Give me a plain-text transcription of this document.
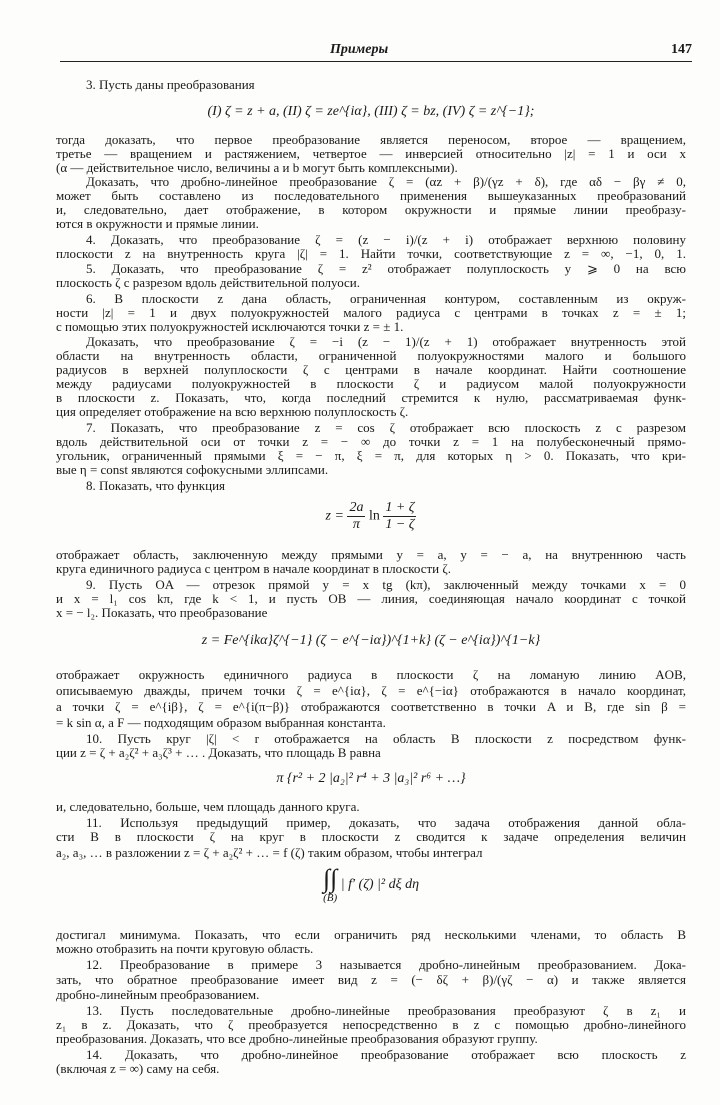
Примеры	147
3. Пусть даны преобразования
(I) ζ = z + a, (II) ζ = ze^{iα}, (III) ζ = bz, (IV) ζ = z^{−1};
тогда доказать, что первое преобразование является переносом, второе — вращением,
третье — вращением и растяжением, четвертое — инверсией относительно |z| = 1 и оси x
(α — действительное число, величины a и b могут быть комплексными).
Доказать, что дробно-линейное преобразование ζ = (αz + β)/(γz + δ), где αδ − βγ ≠ 0,
может быть составлено из последовательного применения вышеуказанных преобразований
и, следовательно, дает отображение, в котором окружности и прямые линии преобразу-
ются в окружности и прямые линии.
4. Доказать, что преобразование ζ = (z − i)/(z + i) отображает верхнюю половину
плоскости z на внутренность круга |ζ| = 1. Найти точки, соответствующие z = ∞, −1, 0, 1.
5. Доказать, что преобразование ζ = z² отображает полуплоскость y ⩾ 0 на всю
плоскость ζ с разрезом вдоль действительной полуоси.
6. В плоскости z дана область, ограниченная контуром, составленным из окруж-
ности |z| = 1 и двух полуокружностей малого радиуса с центрами в точках z = ± 1;
с помощью этих полуокружностей исключаются точки z = ± 1.
Доказать, что преобразование ζ = −i (z − 1)/(z + 1) отображает внутренность этой
области на внутренность области, ограниченной полуокружностями малого и большого
радиусов в верхней полуплоскости ζ с центрами в начале координат. Найти соотношение
между радиусами полуокружностей в плоскости ζ и радиусом малой полуокружности
в плоскости z. Показать, что, когда последний стремится к нулю, рассматриваемая функ-
ция определяет отображение на всю верхнюю полуплоскость ζ.
7. Показать, что преобразование z = cos ζ отображает всю плоскость z с разрезом
вдоль действительной оси от точки z = − ∞ до точки z = 1 на полубесконечный прямо-
угольник, ограниченный прямыми ξ = − π, ξ = π, для которых η > 0. Показать, что кри-
вые η = const являются софокусными эллипсами.
8. Показать, что функция
$z = \frac{2a}{\pi}$ $\ln \frac{1 + \zeta}{1 - \zeta}$
отображает область, заключенную между прямыми y = a, y = − a, на внутреннюю часть
круга единичного радиуса с центром в начале координат в плоскости ζ.
9. Пусть OA — отрезок прямой y = x tg (kπ), заключенный между точками x = 0
и x = l₁ cos kπ, где k < 1, и пусть OB — линия, соединяющая начало координат с точкой
x = − l₂. Показать, что преобразование
z = Fe^{ikα}ζ^{−1} (ζ − e^{−iα})^{1+k} (ζ − e^{iα})^{1−k}
отображает окружность единичного радиуса в плоскости ζ на ломаную линию AOB,
описываемую дважды, причем точки ζ = e^{iα}, ζ = e^{−iα} отображаются в начало координат,
а точки ζ = e^{iβ}, ζ = e^{i(π−β)} отображаются соответственно в точки A и B, где sin β =
= k sin α, а F — подходящим образом выбранная константа.
10. Пусть круг |ζ| < r отображается на область B плоскости z посредством функ-
ции z = ζ + a₂ζ² + a₃ζ³ + … . Доказать, что площадь B равна
π {r² + 2 |a₂|² r⁴ + 3 |a₃|² r⁶ + …}
и, следовательно, больше, чем площадь данного круга.
11. Используя предыдущий пример, доказать, что задача отображения данной обла-
сти B в плоскости ζ на круг в плоскости z сводится к задаче определения величин
a₂, a₃, … в разложении z = ζ + a₂ζ² + … = f (ζ) таким образом, чтобы интеграл
∫∫
(B)
| f′ (ζ) |² dξ dη
достигал минимума. Показать, что если ограничить ряд несколькими членами, то область B
можно отобразить на почти круговую область.
12. Преобразование в примере 3 называется дробно-линейным преобразованием. Дока-
зать, что обратное преобразование имеет вид z = (− δζ + β)/(γζ − α) и также является
дробно-линейным преобразованием.
13. Пусть последовательные дробно-линейные преобразования преобразуют ζ в z₁ и
z₁ в z. Доказать, что ζ преобразуется непосредственно в z с помощью дробно-линейного
преобразования. Доказать, что все дробно-линейные преобразования образуют группу.
14. Доказать, что дробно-линейное преобразование отображает всю плоскость z
(включая z = ∞) саму на себя.
